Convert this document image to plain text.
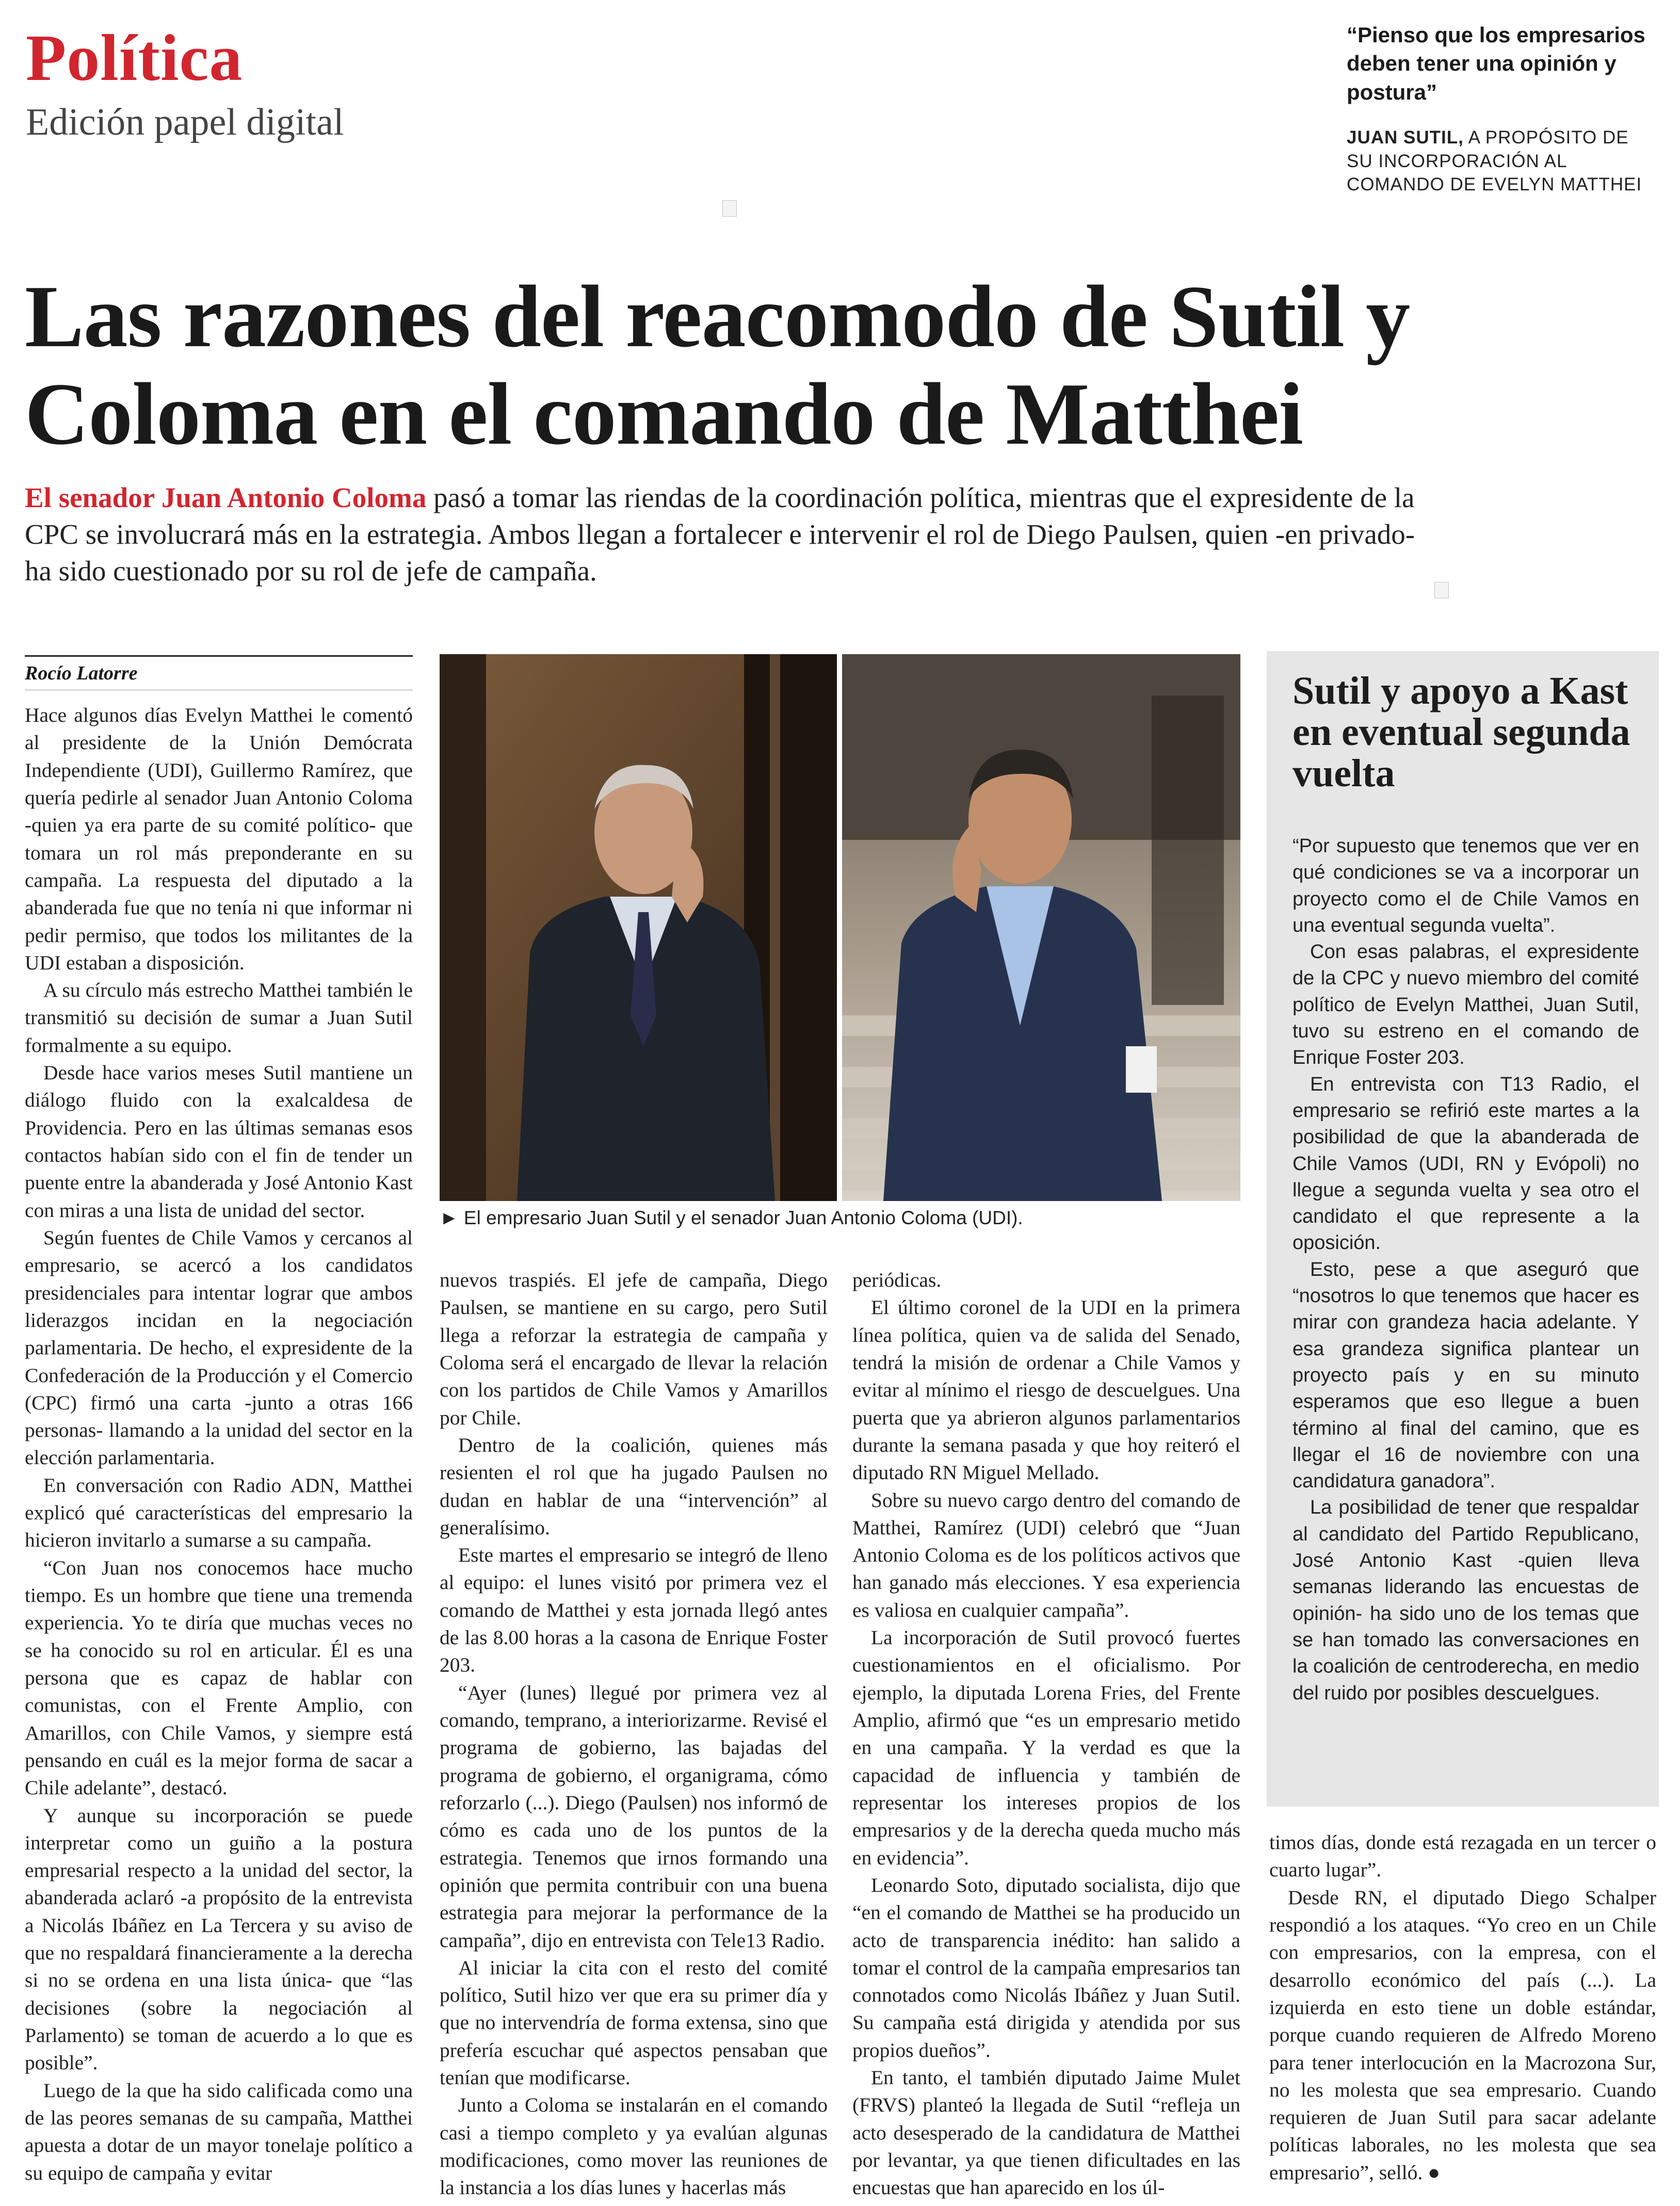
Política
Edición papel digital
“Pienso que los empresarios deben tener una opinión y postura”
JUAN SUTIL, A PROPÓSITO DE SU INCORPORACIÓN AL COMANDO DE EVELYN MATTHEI
Las razones del reacomodo de Sutil y Coloma en el comando de Matthei
El senador Juan Antonio Coloma pasó a tomar las riendas de la coordinación política, mientras que el expresidente de la CPC se involucrará más en la estrategia. Ambos llegan a fortalecer e intervenir el rol de Diego Paulsen, quien -en privado- ha sido cuestionado por su rol de jefe de campaña.
Rocío Latorre

Hace algunos días Evelyn Matthei le comentó al presidente de la Unión Demócrata Independiente (UDI), Guillermo Ramírez, que quería pedirle al senador Juan Antonio Coloma -quien ya era parte de su comité político- que tomara un rol más preponderante en su campaña. La respuesta del diputado a la abanderada fue que no tenía ni que informar ni pedir permiso, que todos los militantes de la UDI estaban a disposición.

A su círculo más estrecho Matthei también le transmitió su decisión de sumar a Juan Sutil formalmente a su equipo.

Desde hace varios meses Sutil mantiene un diálogo fluido con la exalcaldesa de Providencia. Pero en las últimas semanas esos contactos habían sido con el fin de tender un puente entre la abanderada y José Antonio Kast con miras a una lista de unidad del sector.

Según fuentes de Chile Vamos y cercanos al empresario, se acercó a los candidatos presidenciales para intentar lograr que ambos liderazgos incidan en la negociación parlamentaria. De hecho, el expresidente de la Confederación de la Producción y el Comercio (CPC) firmó una carta -junto a otras 166 personas- llamando a la unidad del sector en la elección parlamentaria.

En conversación con Radio ADN, Matthei explicó qué características del empresario la hicieron invitarlo a sumarse a su campaña.

“Con Juan nos conocemos hace mucho tiempo. Es un hombre que tiene una tremenda experiencia. Yo te diría que muchas veces no se ha conocido su rol en articular. Él es una persona que es capaz de hablar con comunistas, con el Frente Amplio, con Amarillos, con Chile Vamos, y siempre está pensando en cuál es la mejor forma de sacar a Chile adelante”, destacó.

Y aunque su incorporación se puede interpretar como un guiño a la postura empresarial respecto a la unidad del sector, la abanderada aclaró -a propósito de la entrevista a Nicolás Ibáñez en La Tercera y su aviso de que no respaldará financieramente a la derecha si no se ordena en una lista única- que “las decisiones (sobre la negociación al Parlamento) se toman de acuerdo a lo que es posible”.

Luego de la que ha sido calificada como una de las peores semanas de su campaña, Matthei apuesta a dotar de un mayor tonelaje político a su equipo de campaña y evitar

► El empresario Juan Sutil y el senador Juan Antonio Coloma (UDI).

nuevos traspiés. El jefe de campaña, Diego Paulsen, se mantiene en su cargo, pero Sutil llega a reforzar la estrategia de campaña y Coloma será el encargado de llevar la relación con los partidos de Chile Vamos y Amarillos por Chile.

Dentro de la coalición, quienes más resienten el rol que ha jugado Paulsen no dudan en hablar de una “intervención” al generalísimo.

Este martes el empresario se integró de lleno al equipo: el lunes visitó por primera vez el comando de Matthei y esta jornada llegó antes de las 8.00 horas a la casona de Enrique Foster 203.

“Ayer (lunes) llegué por primera vez al comando, temprano, a interiorizarme. Revisé el programa de gobierno, las bajadas del programa de gobierno, el organigrama, cómo reforzarlo (...). Diego (Paulsen) nos informó de cómo es cada uno de los puntos de la estrategia. Tenemos que irnos formando una opinión que permita contribuir con una buena estrategia para mejorar la performance de la campaña”, dijo en entrevista con Tele13 Radio.

Al iniciar la cita con el resto del comité político, Sutil hizo ver que era su primer día y que no intervendría de forma extensa, sino que prefería escuchar qué aspectos pensaban que tenían que modificarse.

Junto a Coloma se instalarán en el comando casi a tiempo completo y ya evalúan algunas modificaciones, como mover las reuniones de la instancia a los días lunes y hacerlas más

periódicas.

El último coronel de la UDI en la primera línea política, quien va de salida del Senado, tendrá la misión de ordenar a Chile Vamos y evitar al mínimo el riesgo de descuelgues. Una puerta que ya abrieron algunos parlamentarios durante la semana pasada y que hoy reiteró el diputado RN Miguel Mellado.

Sobre su nuevo cargo dentro del comando de Matthei, Ramírez (UDI) celebró que “Juan Antonio Coloma es de los políticos activos que han ganado más elecciones. Y esa experiencia es valiosa en cualquier campaña”.

La incorporación de Sutil provocó fuertes cuestionamientos en el oficialismo. Por ejemplo, la diputada Lorena Fries, del Frente Amplio, afirmó que “es un empresario metido en una campaña. Y la verdad es que la capacidad de influencia y también de representar los intereses propios de los empresarios y de la derecha queda mucho más en evidencia”.

Leonardo Soto, diputado socialista, dijo que “en el comando de Matthei se ha producido un acto de transparencia inédito: han salido a tomar el control de la campaña empresarios tan connotados como Nicolás Ibáñez y Juan Sutil. Su campaña está dirigida y atendida por sus propios dueños”.

En tanto, el también diputado Jaime Mulet (FRVS) planteó la llegada de Sutil “refleja un acto desesperado de la candidatura de Matthei por levantar, ya que tienen dificultades en las encuestas que han aparecido en los úl-

Sutil y apoyo a Kast en eventual segunda vuelta

“Por supuesto que tenemos que ver en qué condiciones se va a incorporar un proyecto como el de Chile Vamos en una eventual segunda vuelta”.

Con esas palabras, el expresidente de la CPC y nuevo miembro del comité político de Evelyn Matthei, Juan Sutil, tuvo su estreno en el comando de Enrique Foster 203.

En entrevista con T13 Radio, el empresario se refirió este martes a la posibilidad de que la abanderada de Chile Vamos (UDI, RN y Evópoli) no llegue a segunda vuelta y sea otro el candidato el que represente a la oposición.

Esto, pese a que aseguró que “nosotros lo que tenemos que hacer es mirar con grandeza hacia adelante. Y esa grandeza significa plantear un proyecto país y en su minuto esperamos que eso llegue a buen término al final del camino, que es llegar el 16 de noviembre con una candidatura ganadora”.

La posibilidad de tener que respaldar al candidato del Partido Republicano, José Antonio Kast -quien lleva semanas liderando las encuestas de opinión- ha sido uno de los temas que se han tomado las conversaciones en la coalición de centroderecha, en medio del ruido por posibles descuelgues.

timos días, donde está rezagada en un tercer o cuarto lugar”.

Desde RN, el diputado Diego Schalper respondió a los ataques. “Yo creo en un Chile con empresarios, con la empresa, con el desarrollo económico del país (...). La izquierda en esto tiene un doble estándar, porque cuando requieren de Alfredo Moreno para tener interlocución en la Macrozona Sur, no les molesta que sea empresario. Cuando requieren de Juan Sutil para sacar adelante políticas laborales, no les molesta que sea empresario”, selló. ●
